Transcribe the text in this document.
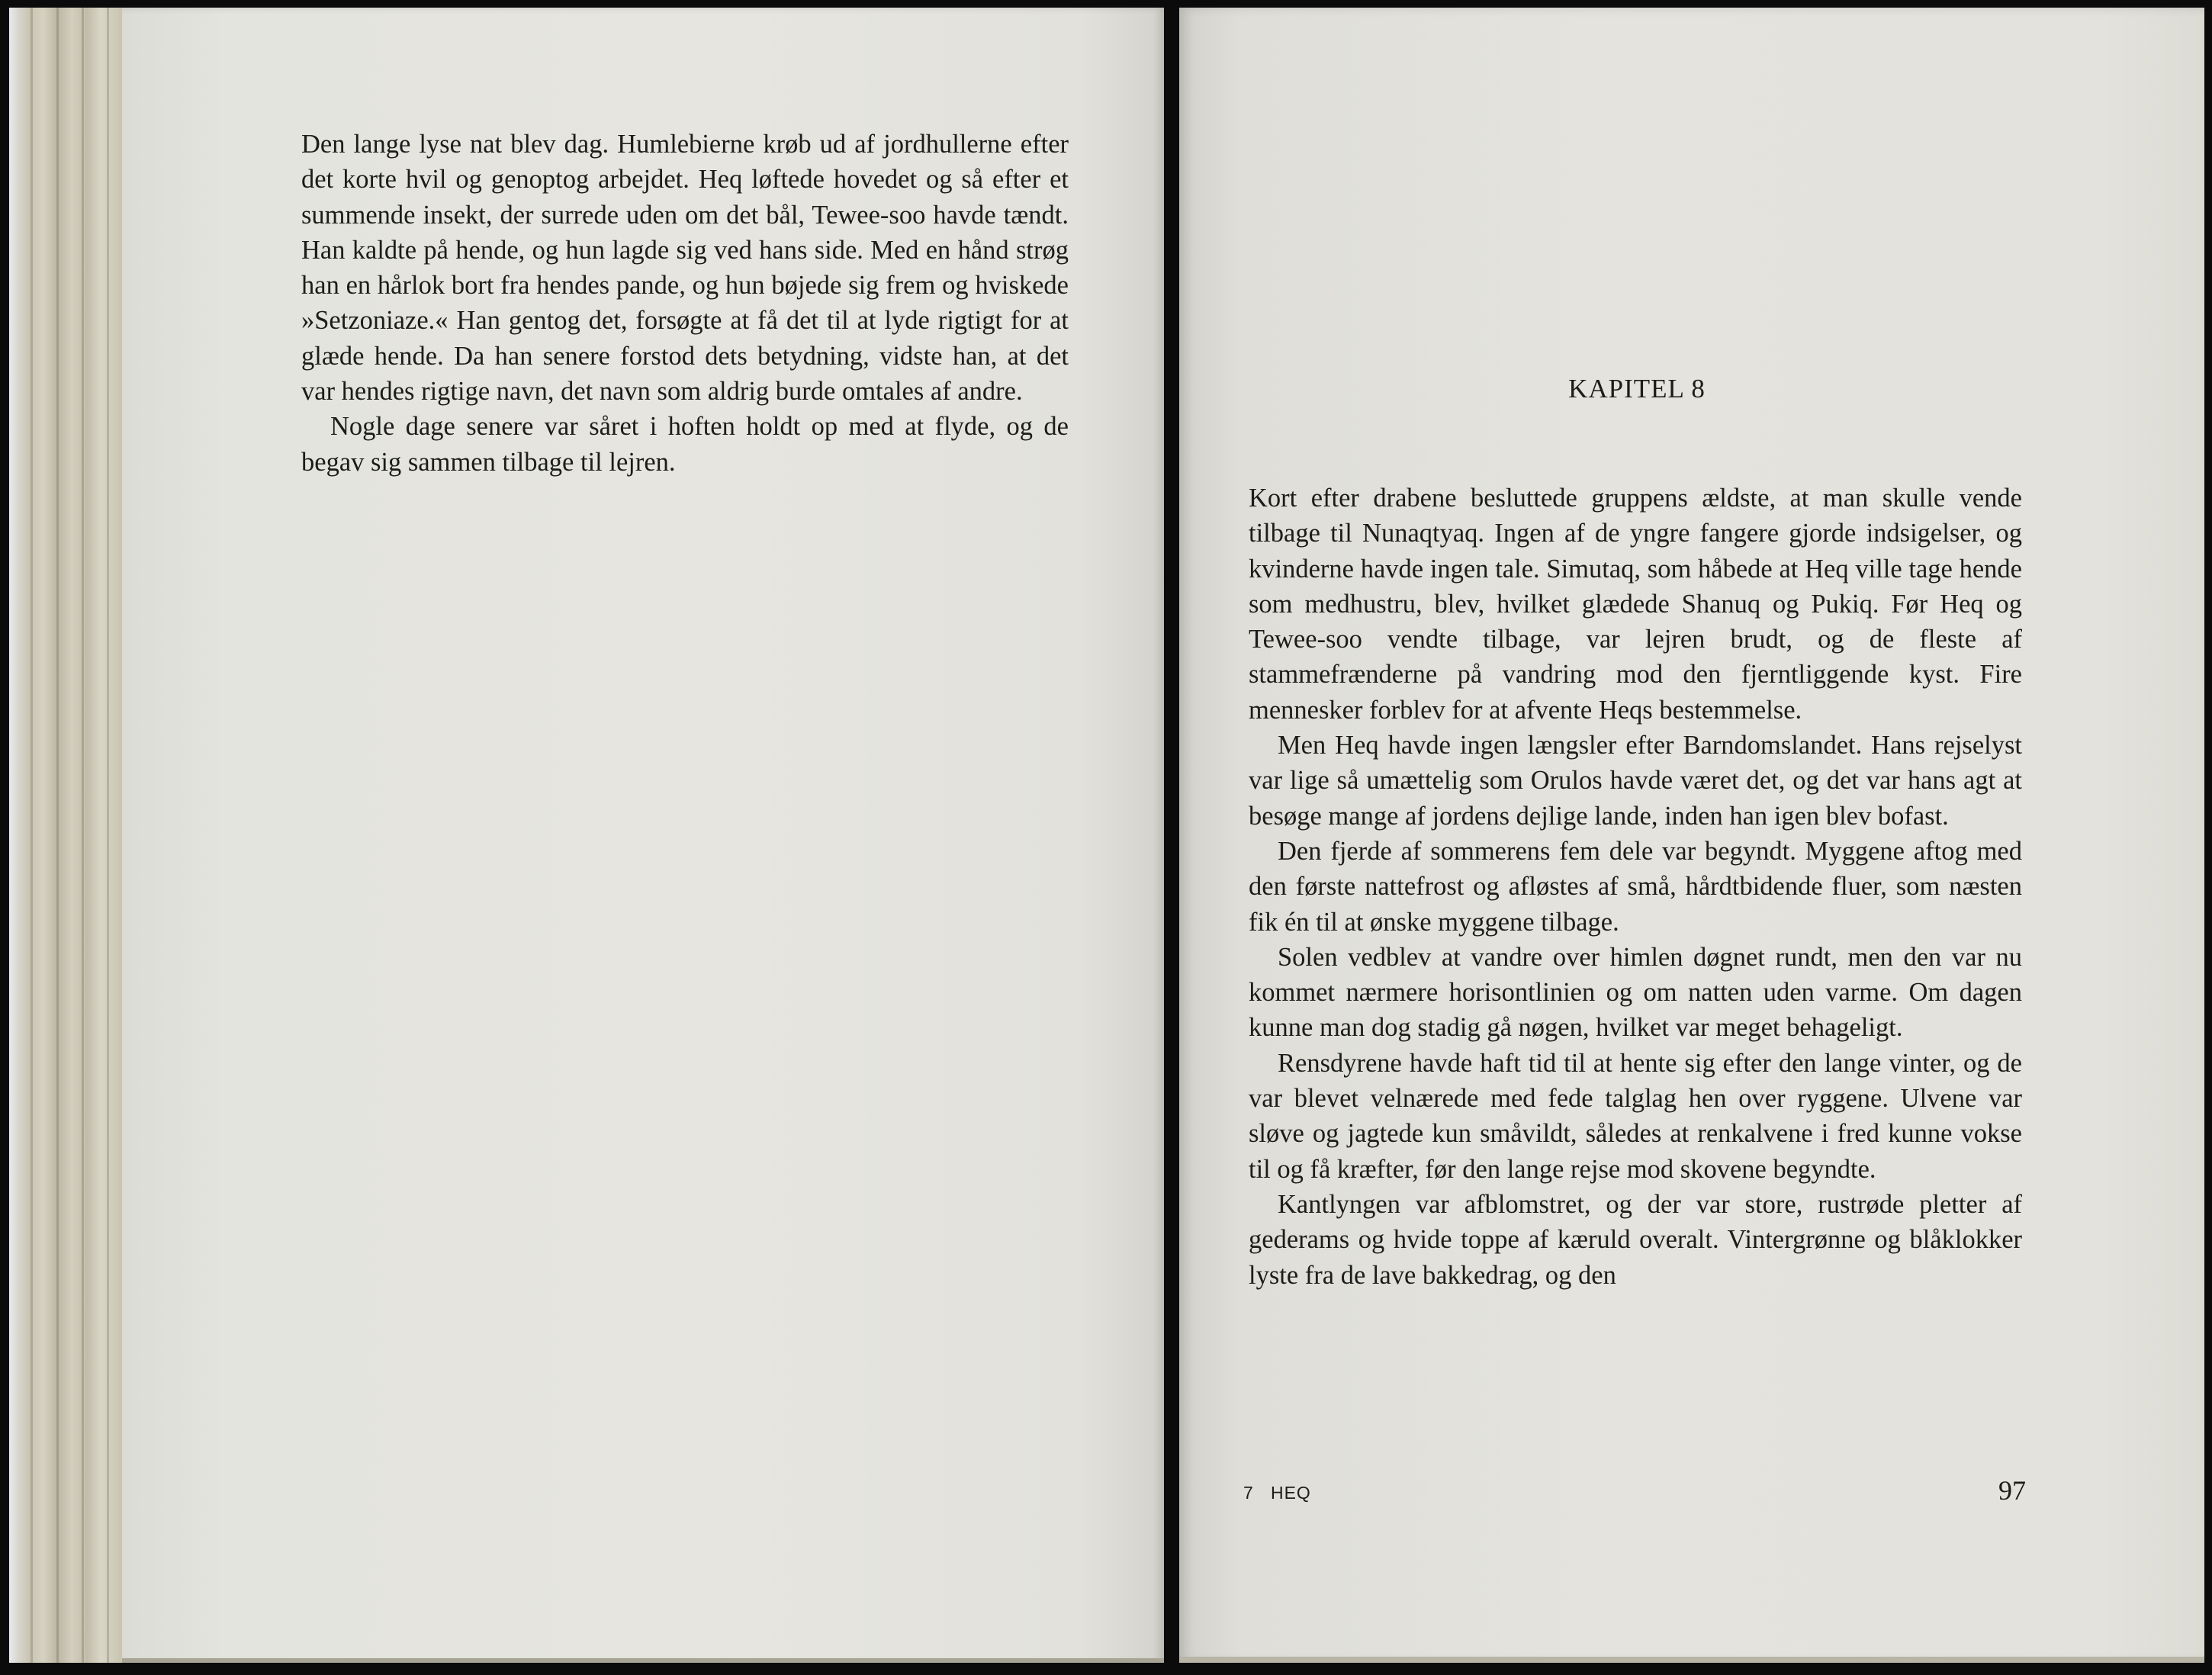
Den lange lyse nat blev dag. Humlebierne krøb ud af jordhullerne efter det korte hvil og genoptog arbejdet. Heq løftede hovedet og så efter et summende insekt, der surrede uden om det bål, Tewee-soo havde tændt. Han kaldte på hende, og hun lagde sig ved hans side. Med en hånd strøg han en hårlok bort fra hendes pande, og hun bøjede sig frem og hviskede »Setzoniaze.« Han gentog det, forsøgte at få det til at lyde rigtigt for at glæde hende. Da han senere forstod dets betydning, vidste han, at det var hendes rigtige navn, det navn som aldrig burde omtales af andre.

Nogle dage senere var såret i hoften holdt op med at flyde, og de begav sig sammen tilbage til lejren.

KAPITEL 8

Kort efter drabene besluttede gruppens ældste, at man skulle vende tilbage til Nunaqtyaq. Ingen af de yngre fangere gjorde indsigelser, og kvinderne havde ingen tale. Simutaq, som håbede at Heq ville tage hende som medhustru, blev, hvilket glædede Shanuq og Pukiq. Før Heq og Tewee-soo vendte tilbage, var lejren brudt, og de fleste af stammefrænderne på vandring mod den fjerntliggende kyst. Fire mennesker forblev for at afvente Heqs bestemmelse.

Men Heq havde ingen længsler efter Barndomslandet. Hans rejselyst var lige så umættelig som Orulos havde været det, og det var hans agt at besøge mange af jordens dejlige lande, inden han igen blev bofast.

Den fjerde af sommerens fem dele var begyndt. Myggene aftog med den første nattefrost og afløstes af små, hårdtbidende fluer, som næsten fik én til at ønske myggene tilbage.

Solen vedblev at vandre over himlen døgnet rundt, men den var nu kommet nærmere horisontlinien og om natten uden varme. Om dagen kunne man dog stadig gå nøgen, hvilket var meget behageligt.

Rensdyrene havde haft tid til at hente sig efter den lange vinter, og de var blevet velnærede med fede talglag hen over ryggene. Ulvene var sløve og jagtede kun småvildt, således at renkalvene i fred kunne vokse til og få kræfter, før den lange rejse mod skovene begyndte.

Kantlyngen var afblomstret, og der var store, rustrøde pletter af gederams og hvide toppe af kæruld overalt. Vintergrønne og blåklokker lyste fra de lave bakkedrag, og den

7   HEQ	97
